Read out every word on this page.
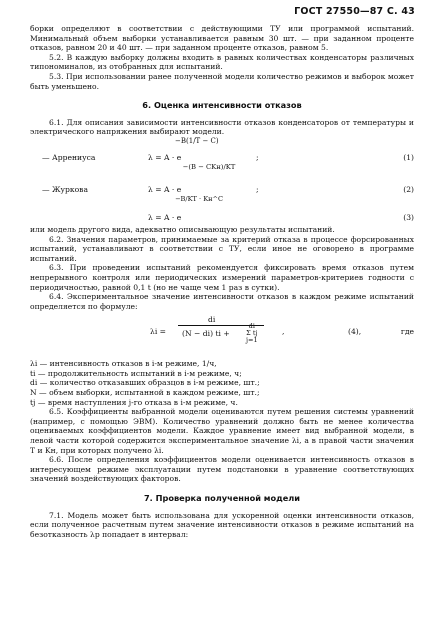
ГОСТ 27550—87 С. 43

борки определяют в соответствии с действующими ТУ или программой испытаний. Минимальный объем выборки устанавливается равным 30 шт. — при заданном проценте отказов, равном 20 и 40 шт. — при заданном проценте отказов, равном 5.

5.2. В каждую выборку должны входить в равных количествах конденсаторы различных типономиналов, из отобранных для испытаний.

5.3. При использовании ранее полученной модели количество режимов и выборок может быть уменьшено.

6. Оценка интенсивности отказов

6.1. Для описания зависимости интенсивности отказов конденсаторов от температуры и электрического напряжения выбирают модели.

−B(1/T − C)
— Аррениуса	λ = A · e	;	(1)
−(B − CKн)/KT
— Журкова	λ = A · e	;	(2)
−B/KT · Kн^C
λ = A · e	(3)

или модель другого вида, адекватно описывающую результаты испытаний.

6.2. Значения параметров, принимаемые за критерий отказа в процессе форсированных испытаний, устанавливают в соответствии с ТУ, если иное не оговорено в программе испытаний.

6.3. При проведении испытаний рекомендуется фиксировать время отказов путем непрерывного контроля или периодических измерений параметров-критериев годности с периодичностью, равной 0,1 t (но не чаще чем 1 раз в сутки).

6.4. Экспериментальное значение интенсивности отказов в каждом режиме испытаний определяется по формуле:

λi =
di
(N − di) ti +
di
Σ tj
j=1
,	(4),	где

λi — интенсивность отказов в i-м режиме, 1/ч,

ti — продолжительность испытаний в i-м режиме, ч;

di — количество отказавших образцов в i-м режиме, шт.;

N — объем выборки, испытанной в каждом режиме, шт.;

tj — время наступления j-го отказа в i-м режиме, ч.

6.5. Коэффициенты выбранной модели оцениваются путем решения системы уравнений (например, с помощью ЭВМ). Количество уравнений должно быть не менее количества оцениваемых коэффициентов модели. Каждое уравнение имеет вид выбранной модели, в левой части которой содержится экспериментальное значение λi, а в правой части значения T и Kн, при которых получено λi.

6.6. После определения коэффициентов модели оценивается интенсивность отказов в интересующем режиме эксплуатации путем подстановки в уравнение соответствующих значений воздействующих факторов.

7. Проверка полученной модели

7.1. Модель может быть использована для ускоренной оценки интенсивности отказов, если полученное расчетным путем значение интенсивности отказов в режиме испытаний на безотказность λр попадает в интервал:
